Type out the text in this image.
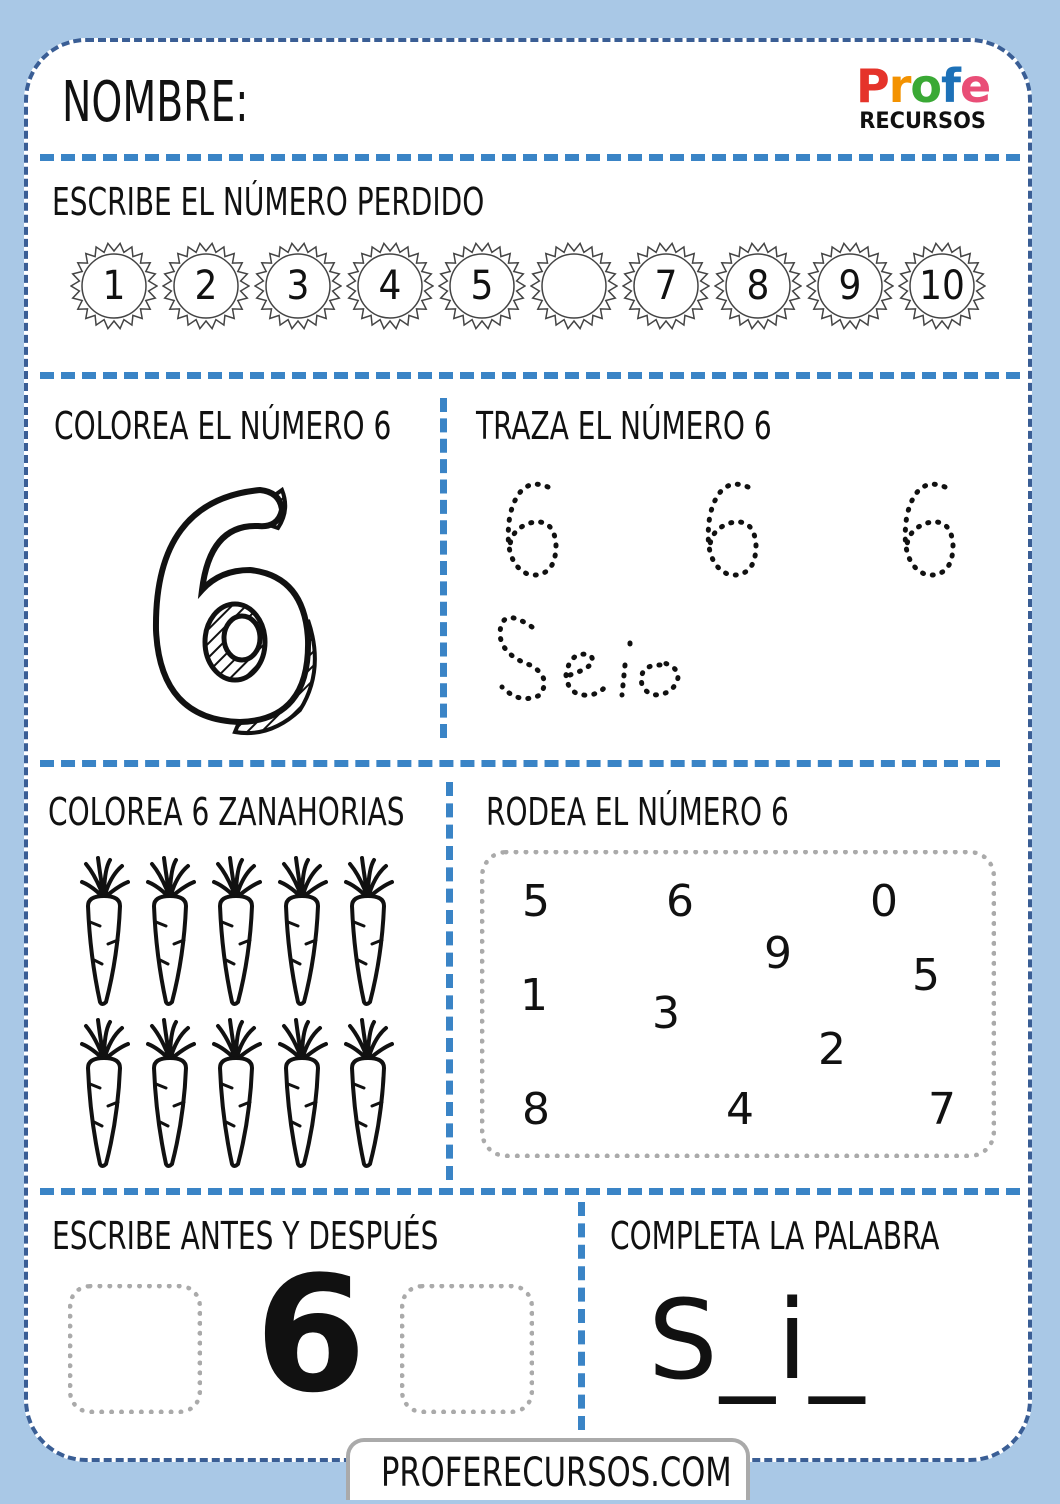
NOMBRE:	Profe
RECURSOS
ESCRIBE EL NÚMERO PERDIDO
1	2	3	4	5	7	8	9	10
COLOREA EL NÚMERO 6 TRAZA EL NÚMERO 6
COLOREA 6 ZANAHORIAS RODEA EL NÚMERO 6
5	6	0
9	5
1 3
2
8	4	7
ESCRIBE ANTES Y DESPUÉS
6
COMPLETA LA PALABRA
S_i_
PROFERECURSOS.COM
